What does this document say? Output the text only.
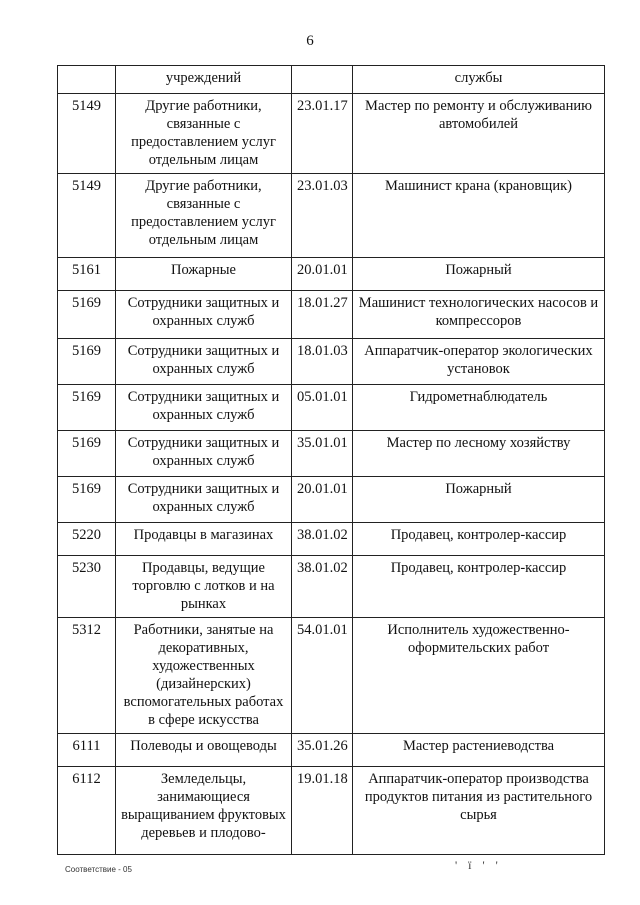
6
	учреждений		службы
5149	Другие работники, связанные с предоставлением услуг отдельным лицам	23.01.17	Мастер по ремонту и обслуживанию автомобилей
5149	Другие работники, связанные с предоставлением услуг отдельным лицам	23.01.03	Машинист крана (крановщик)
5161	Пожарные	20.01.01	Пожарный
5169	Сотрудники защитных и охранных служб	18.01.27	Машинист технологических насосов и компрессоров
5169	Сотрудники защитных и охранных служб	18.01.03	Аппаратчик-оператор экологических установок
5169	Сотрудники защитных и охранных служб	05.01.01	Гидрометнаблюдатель
5169	Сотрудники защитных и охранных служб	35.01.01	Мастер по лесному хозяйству
5169	Сотрудники защитных и охранных служб	20.01.01	Пожарный
5220	Продавцы в магазинах	38.01.02	Продавец, контролер-кассир
5230	Продавцы, ведущие торговлю с лотков и на рынках	38.01.02	Продавец, контролер-кассир
5312	Работники, занятые на декоративных, художественных (дизайнерских) вспомогательных работах в сфере искусства	54.01.01	Исполнитель художественно-оформительских работ
6111	Полеводы и овощеводы	35.01.26	Мастер растениеводства
6112	Земледельцы, занимающиеся выращиванием фруктовых деревьев и плодово-	19.01.18	Аппаратчик-оператор производства продуктов питания из растительного сырья
Соответствие - 05	' ï ' '
